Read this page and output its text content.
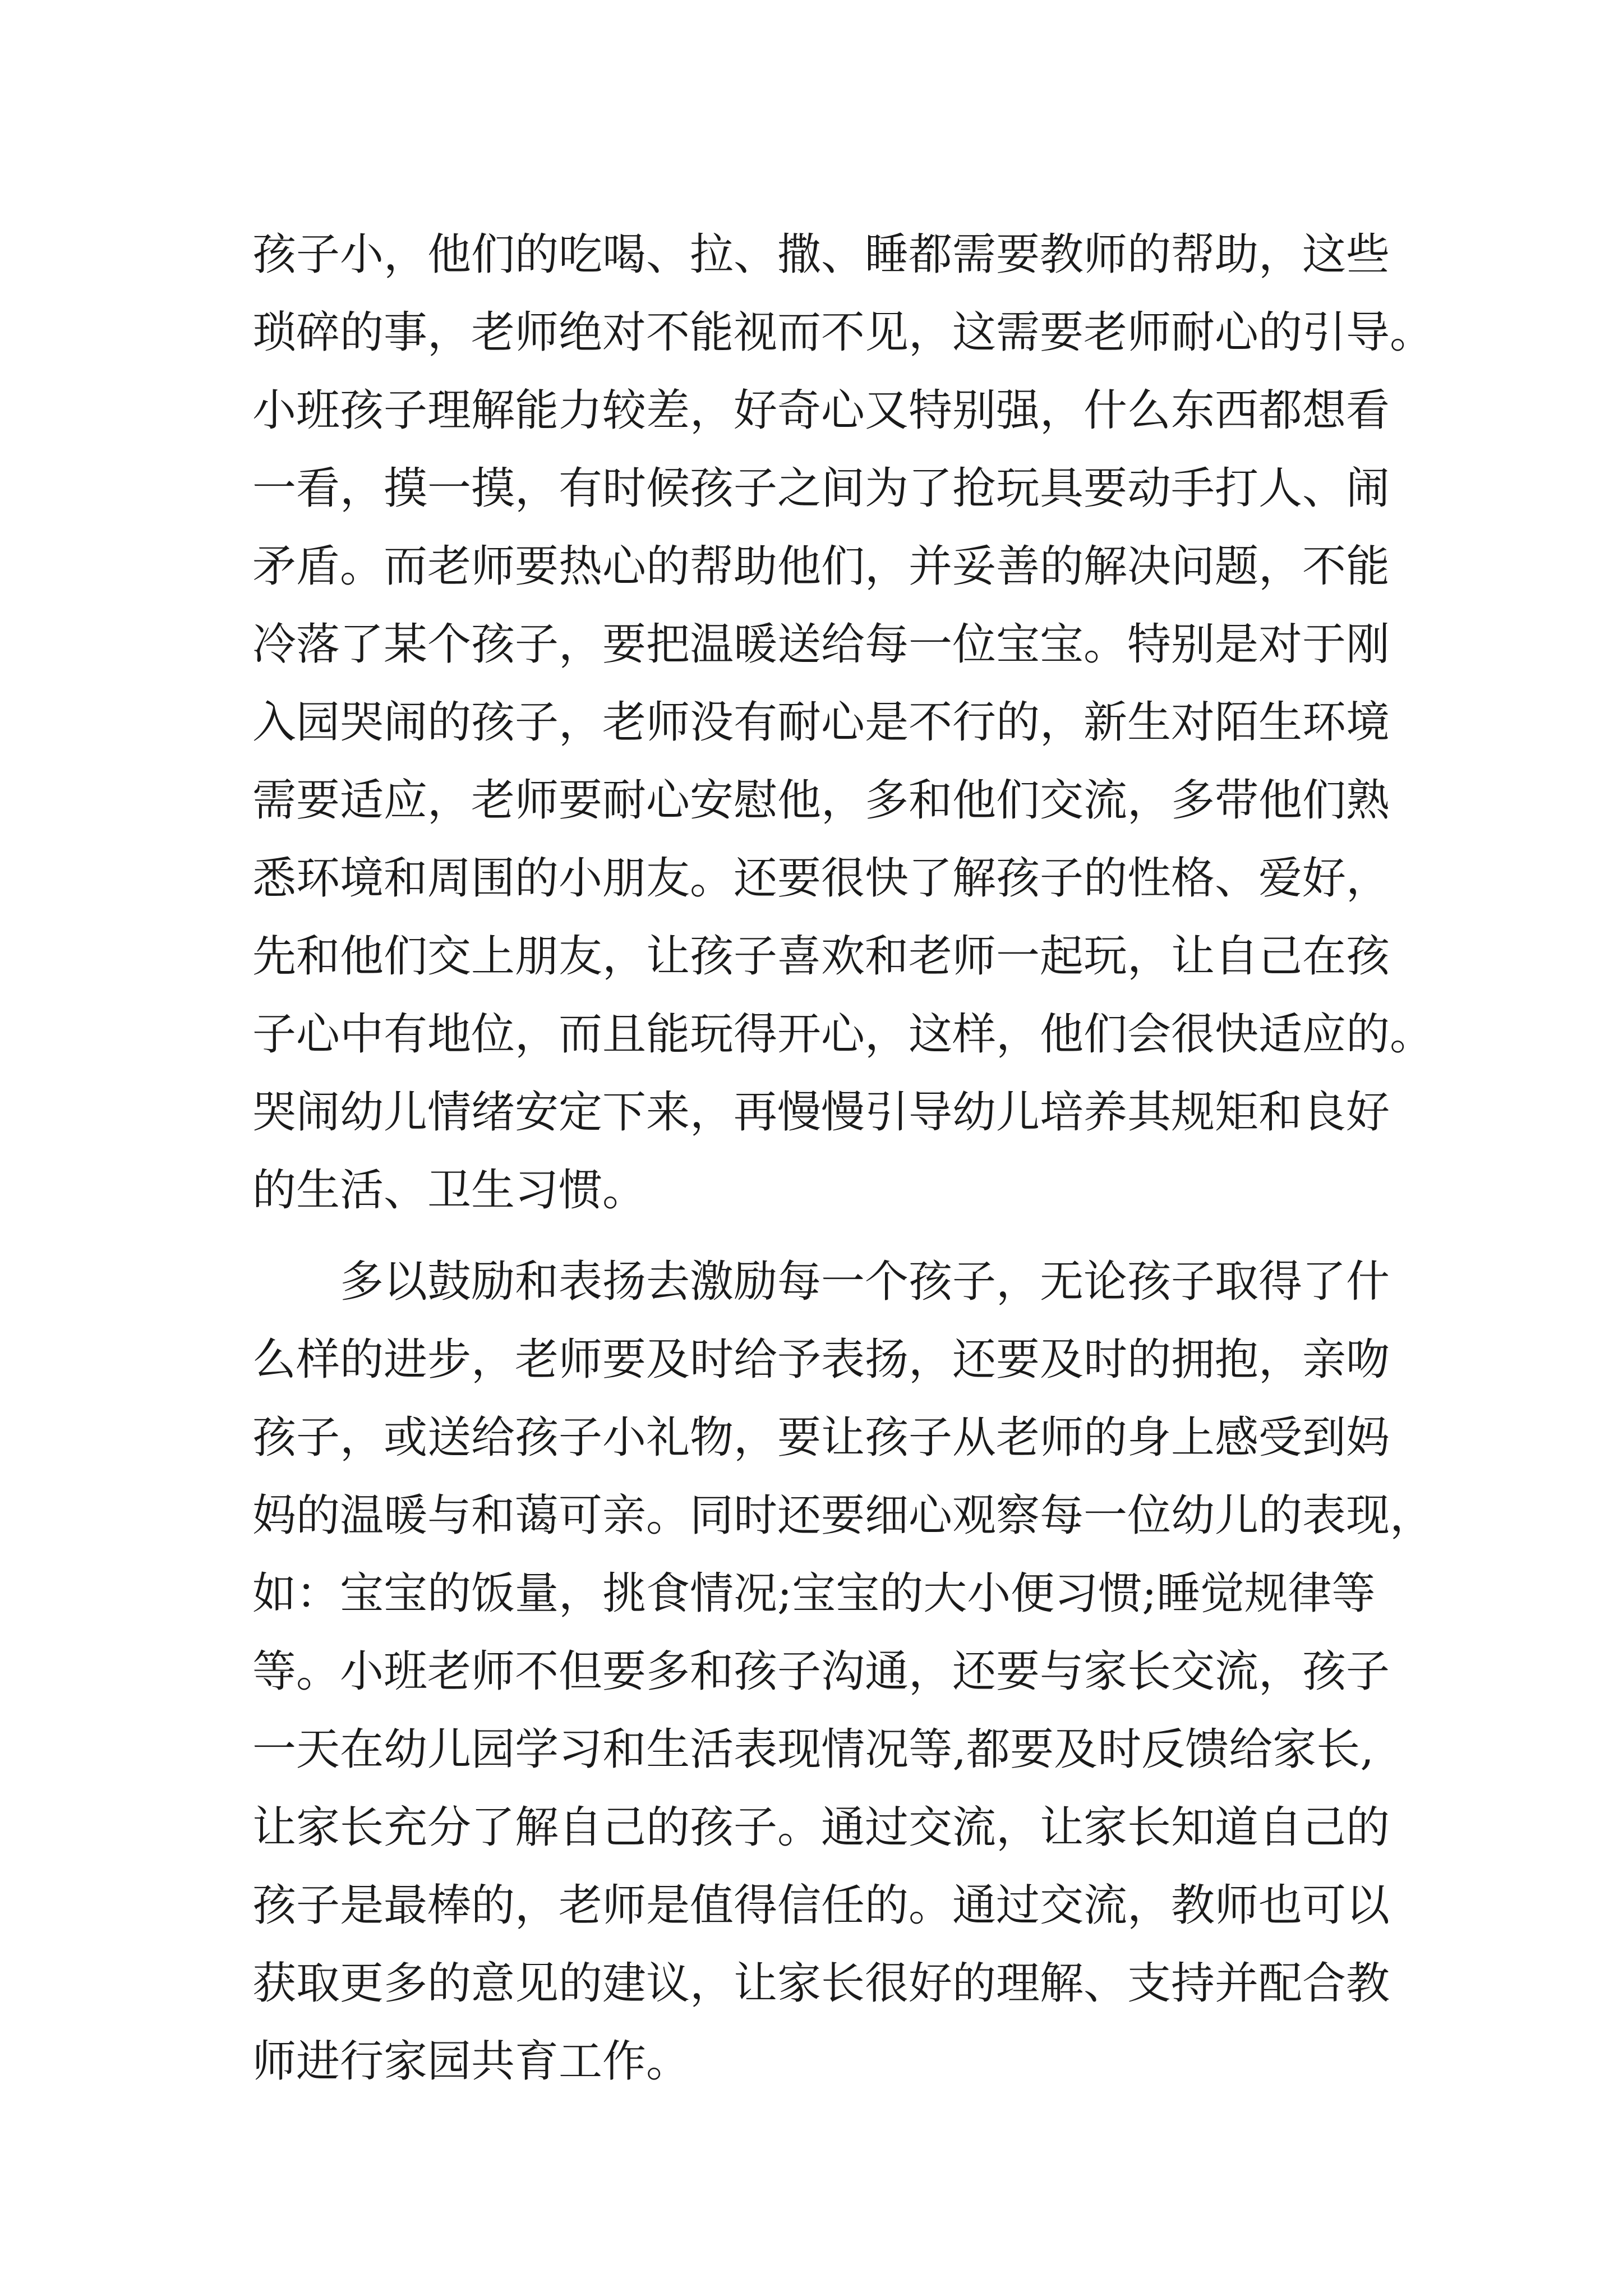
孩子小，他们的吃喝、拉、撒、睡都需要教师的帮助，这些
琐碎的事，老师绝对不能视而不见，这需要老师耐心的引导。
小班孩子理解能力较差，好奇心又特别强，什么东西都想看
一看，摸一摸，有时候孩子之间为了抢玩具要动手打人、闹
矛盾。而老师要热心的帮助他们，并妥善的解决问题，不能
冷落了某个孩子，要把温暖送给每一位宝宝。特别是对于刚
入园哭闹的孩子，老师没有耐心是不行的，新生对陌生环境
需要适应，老师要耐心安慰他，多和他们交流，多带他们熟
悉环境和周围的小朋友。还要很快了解孩子的性格、爱好，
先和他们交上朋友，让孩子喜欢和老师一起玩，让自己在孩
子心中有地位，而且能玩得开心，这样，他们会很快适应的。
哭闹幼儿情绪安定下来，再慢慢引导幼儿培养其规矩和良好
的生活、卫生习惯。
多以鼓励和表扬去激励每一个孩子，无论孩子取得了什
么样的进步，老师要及时给予表扬，还要及时的拥抱，亲吻
孩子，或送给孩子小礼物，要让孩子从老师的身上感受到妈
妈的温暖与和蔼可亲。同时还要细心观察每一位幼儿的表现，
如：宝宝的饭量，挑食情况;宝宝的大小便习惯;睡觉规律等
等。小班老师不但要多和孩子沟通，还要与家长交流，孩子
一天在幼儿园学习和生活表现情况等,都要及时反馈给家长,
让家长充分了解自己的孩子。通过交流，让家长知道自己的
孩子是最棒的，老师是值得信任的。通过交流，教师也可以
获取更多的意见的建议，让家长很好的理解、支持并配合教
师进行家园共育工作。
